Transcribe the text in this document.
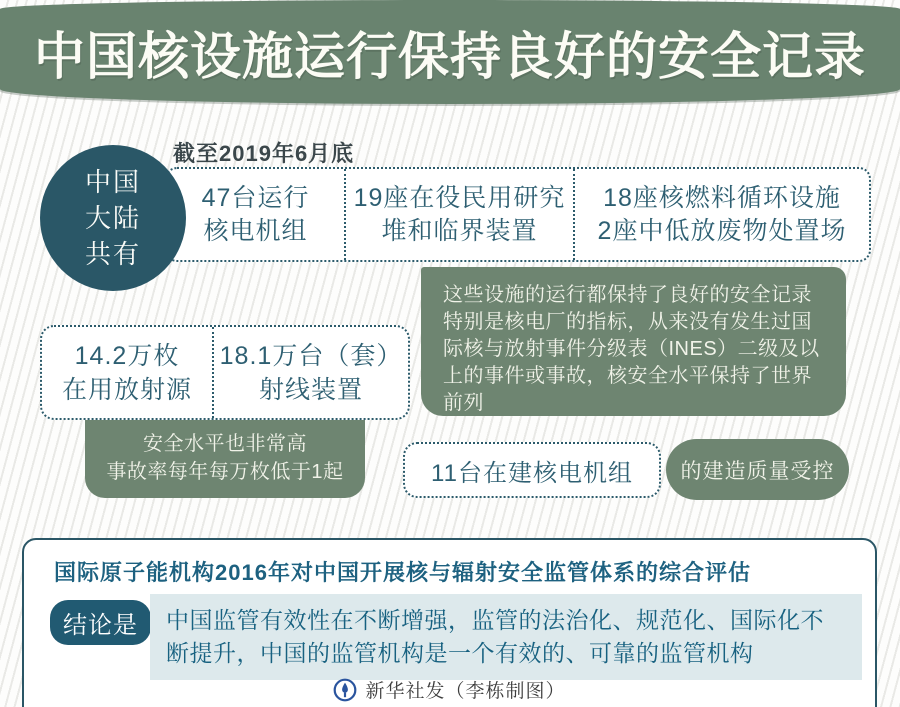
中国核设施运行保持良好的安全记录
截至2019年6月底
中国
大陆
共有
47台运行
核电机组
19座在役民用研究
堆和临界装置
18座核燃料循环设施
2座中低放废物处置场
这些设施的运行都保持了良好的安全记录 特别是核电厂的指标，从来没有发生过国际核与放射事件分级表（INES）二级及以上的事件或事故，核安全水平保持了世界前列
14.2万枚
在用放射源
18.1万台（套）
射线装置
安全水平也非常高
事故率每年每万枚低于1起	11台在建核电机组	的建造质量受控
国际原子能机构2016年对中国开展核与辐射安全监管体系的综合评估
结论是	中国监管有效性在不断增强，监管的法治化、规范化、国际化不断提升，中国的监管机构是一个有效的、可靠的监管机构
新华社发（李栋制图）
